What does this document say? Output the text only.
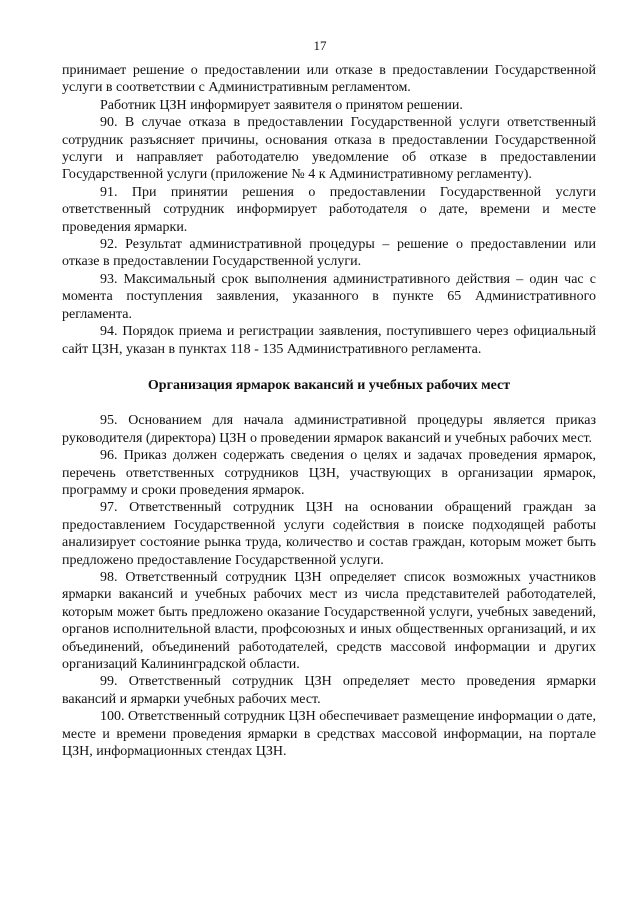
17

принимает решение о предоставлении или отказе в предоставлении Государственной услуги в соответствии с Административным регламентом.

Работник ЦЗН информирует заявителя о принятом решении.

90. В случае отказа в предоставлении Государственной услуги ответственный сотрудник разъясняет причины, основания отказа в предоставлении Государственной услуги и направляет работодателю уведомление об отказе в предоставлении Государственной услуги (приложение № 4 к Административному регламенту).

91. При принятии решения о предоставлении Государственной услуги ответственный сотрудник информирует работодателя о дате, времени и месте проведения ярмарки.

92. Результат административной процедуры – решение о предоставлении или отказе в предоставлении Государственной услуги.

93. Максимальный срок выполнения административного действия – один час с момента поступления заявления, указанного в пункте 65 Административного регламента.

94. Порядок приема и регистрации заявления, поступившего через официальный сайт ЦЗН, указан в пунктах 118 - 135 Административного регламента.

Организация ярмарок вакансий и учебных рабочих мест

95. Основанием для начала административной процедуры является приказ руководителя (директора) ЦЗН о проведении ярмарок вакансий и учебных рабочих мест.

96. Приказ должен содержать сведения о целях и задачах проведения ярмарок, перечень ответственных сотрудников ЦЗН, участвующих в организации ярмарок, программу и сроки проведения ярмарок.

97. Ответственный сотрудник ЦЗН на основании обращений граждан за предоставлением Государственной услуги содействия в поиске подходящей работы анализирует состояние рынка труда, количество и состав граждан, которым может быть предложено предоставление Государственной услуги.

98. Ответственный сотрудник ЦЗН определяет список возможных участников ярмарки вакансий и учебных рабочих мест из числа представителей работодателей, которым может быть предложено оказание Государственной услуги, учебных заведений, органов исполнительной власти, профсоюзных и иных общественных организаций, и их объединений, объединений работодателей, средств массовой информации и других организаций Калининградской области.

99. Ответственный сотрудник ЦЗН определяет место проведения ярмарки вакансий и ярмарки учебных рабочих мест.

100. Ответственный сотрудник ЦЗН обеспечивает размещение информации о дате, месте и времени проведения ярмарки в средствах массовой информации, на портале ЦЗН, информационных стендах ЦЗН.
